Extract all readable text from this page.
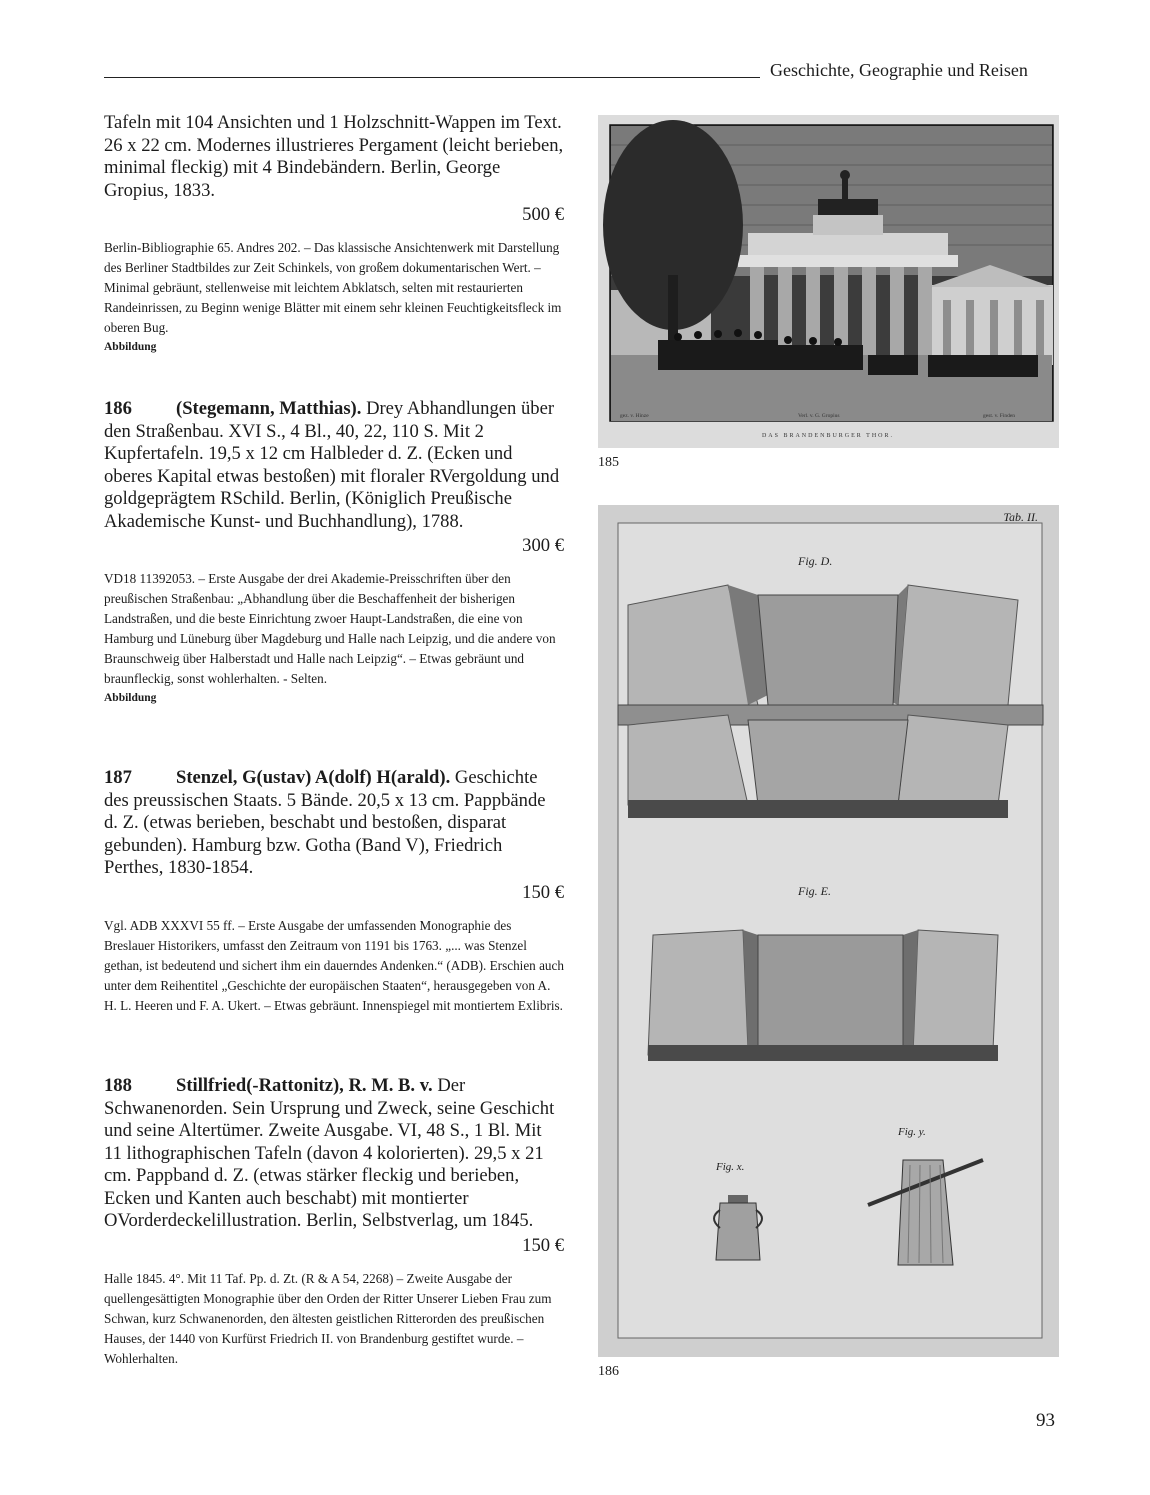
Geschichte, Geographie und Reisen

Tafeln mit 104 Ansichten und 1 Holzschnitt-Wappen im Text. 26 x 22 cm. Modernes illustrieres Pergament (leicht berieben, minimal fleckig) mit 4 Bindebändern. Berlin, George Gropius, 1833.

500 €

Berlin-Bibliographie 65. Andres 202. – Das klassische Ansichtenwerk mit Darstellung des Berliner Stadtbildes zur Zeit Schinkels, von großem dokumentarischen Wert. – Minimal gebräunt, stellenweise mit leichtem Abklatsch, selten mit restaurierten Randeinrissen, zu Beginn wenige Blätter mit einem sehr kleinen Feuchtigkeitsfleck im oberen Bug.

Abbildung

186 (Stegemann, Matthias). Drey Abhandlungen über den Straßenbau. XVI S., 4 Bl., 40, 22, 110 S. Mit 2 Kupfertafeln. 19,5 x 12 cm Halbleder d. Z. (Ecken und oberes Kapital etwas bestoßen) mit floraler RVergoldung und goldgeprägtem RSchild. Berlin, (Königlich Preußische Akademische Kunst- und Buchhandlung), 1788.

300 €

VD18 11392053. – Erste Ausgabe der drei Akademie-Preisschriften über den preußischen Straßenbau: „Abhandlung über die Beschaffenheit der bisherigen Landstraßen, und die beste Einrichtung zwoer Haupt-Landstraßen, die eine von Hamburg und Lüneburg über Magdeburg und Halle nach Leipzig, und die andere von Braunschweig über Halberstadt und Halle nach Leipzig“. – Etwas gebräunt und braunfleckig, sonst wohlerhalten. - Selten.

Abbildung

187 Stenzel, G(ustav) A(dolf) H(arald). Geschichte des preussischen Staats. 5 Bände. 20,5 x 13 cm. Pappbände d. Z. (etwas berieben, beschabt und bestoßen, disparat gebunden). Hamburg bzw. Gotha (Band V), Friedrich Perthes, 1830-1854.

150 €

Vgl. ADB XXXVI 55 ff. – Erste Ausgabe der umfassenden Monographie des Breslauer Historikers, umfasst den Zeitraum von 1191 bis 1763. „... was Stenzel gethan, ist bedeutend und sichert ihm ein dauerndes Andenken.“ (ADB). Erschien auch unter dem Reihentitel „Geschichte der europäischen Staaten“, herausgegeben von A. H. L. Heeren und F. A. Ukert. – Etwas gebräunt. Innenspiegel mit montiertem Exlibris.

188 Stillfried(-Rattonitz), R. M. B. v. Der Schwanenorden. Sein Ursprung und Zweck, seine Geschicht und seine Altertümer. Zweite Ausgabe. VI, 48 S., 1 Bl. Mit 11 lithographischen Tafeln (davon 4 kolorierten). 29,5 x 21 cm. Pappband d. Z. (etwas stärker fleckig und berieben, Ecken und Kanten auch beschabt) mit montierter OVorderdeckelillustration. Berlin, Selbstverlag, um 1845.

150 €

Halle 1845. 4°. Mit 11 Taf. Pp. d. Zt. (R & A 54, 2268) – Zweite Ausgabe der quellengesättigten Monographie über den Orden der Ritter Unserer Lieben Frau zum Schwan, kurz Schwanenorden, den ältesten geistlichen Ritterorden des preußischen Hauses, der 1440 von Kurfürst Friedrich II. von Brandenburg gestiftet wurde. – Wohlerhalten.

gez. v. Hinze	Verl. v. G. Gropius	gest. v. Finden
DAS BRANDENBURGER THOR.
185
Tab. II.
Fig. D.
Fig. E.
Fig. x.
Fig. y.
186
93
